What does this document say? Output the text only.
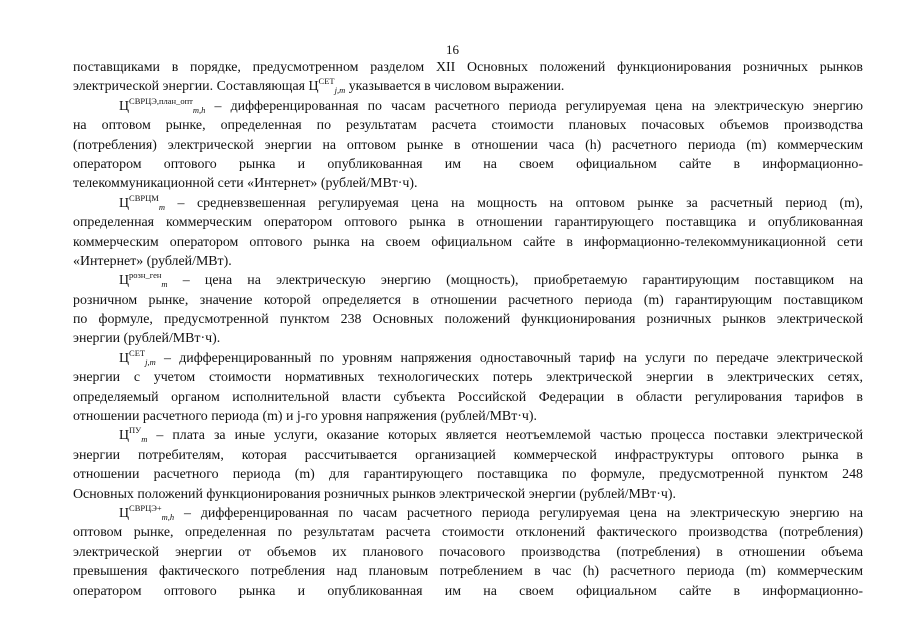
16
поставщиками в порядке, предусмотренном разделом XII Основных положений функционирования розничных рынков
электрической энергии. Составляющая $Ц^{СЕТ}_{j,m}$ указывается в числовом выражении.
$Ц^{СВРЦЭ,план\_опт}_{m,h}$ – дифференцированная по часам расчетного периода регулируемая цена на электрическую энергию
на оптовом рынке, определенная по результатам расчета стоимости плановых почасовых объемов производства
(потребления) электрической энергии на оптовом рынке в отношении часа (h) расчетного периода (m) коммерческим
оператором оптового рынка и опубликованная им на своем официальном сайте в информационно-
телекоммуникационной сети «Интернет» (рублей/МВт·ч).
$Ц^{СВРЦМ}_m$ – средневзвешенная регулируемая цена на мощность на оптовом рынке за расчетный период (m),
определенная коммерческим оператором оптового рынка в отношении гарантирующего поставщика и опубликованная
коммерческим оператором оптового рынка на своем официальном сайте в информационно-телекоммуникационной сети
«Интернет» (рублей/МВт).
$Ц^{розн\_ген}_m$ – цена на электрическую энергию (мощность), приобретаемую гарантирующим поставщиком на
розничном рынке, значение которой определяется в отношении расчетного периода (m) гарантирующим поставщиком
по формуле, предусмотренной пунктом 238 Основных положений функционирования розничных рынков электрической
энергии (рублей/МВт·ч).
$Ц^{СЕТ}_{j,m}$ – дифференцированный по уровням напряжения одноставочный тариф на услуги по передаче электрической
энергии с учетом стоимости нормативных технологических потерь электрической энергии в электрических сетях,
определяемый органом исполнительной власти субъекта Российской Федерации в области регулирования тарифов в
отношении расчетного периода (m) и j-го уровня напряжения (рублей/МВт·ч).
$Ц^{ПУ}_m$ – плата за иные услуги, оказание которых является неотъемлемой частью процесса поставки электрической
энергии потребителям, которая рассчитывается организацией коммерческой инфраструктуры оптового рынка в
отношении расчетного периода (m) для гарантирующего поставщика по формуле, предусмотренной пунктом 248
Основных положений функционирования розничных рынков электрической энергии (рублей/МВт·ч).
$Ц^{СВРЦЭ+}_{m,h}$ – дифференцированная по часам расчетного периода регулируемая цена на электрическую энергию на
оптовом рынке, определенная по результатам расчета стоимости отклонений фактического производства (потребления)
электрической энергии от объемов их планового почасового производства (потребления) в отношении объема
превышения фактического потребления над плановым потреблением в час (h) расчетного периода (m) коммерческим
оператором оптового рынка и опубликованная им на своем официальном сайте в информационно-
